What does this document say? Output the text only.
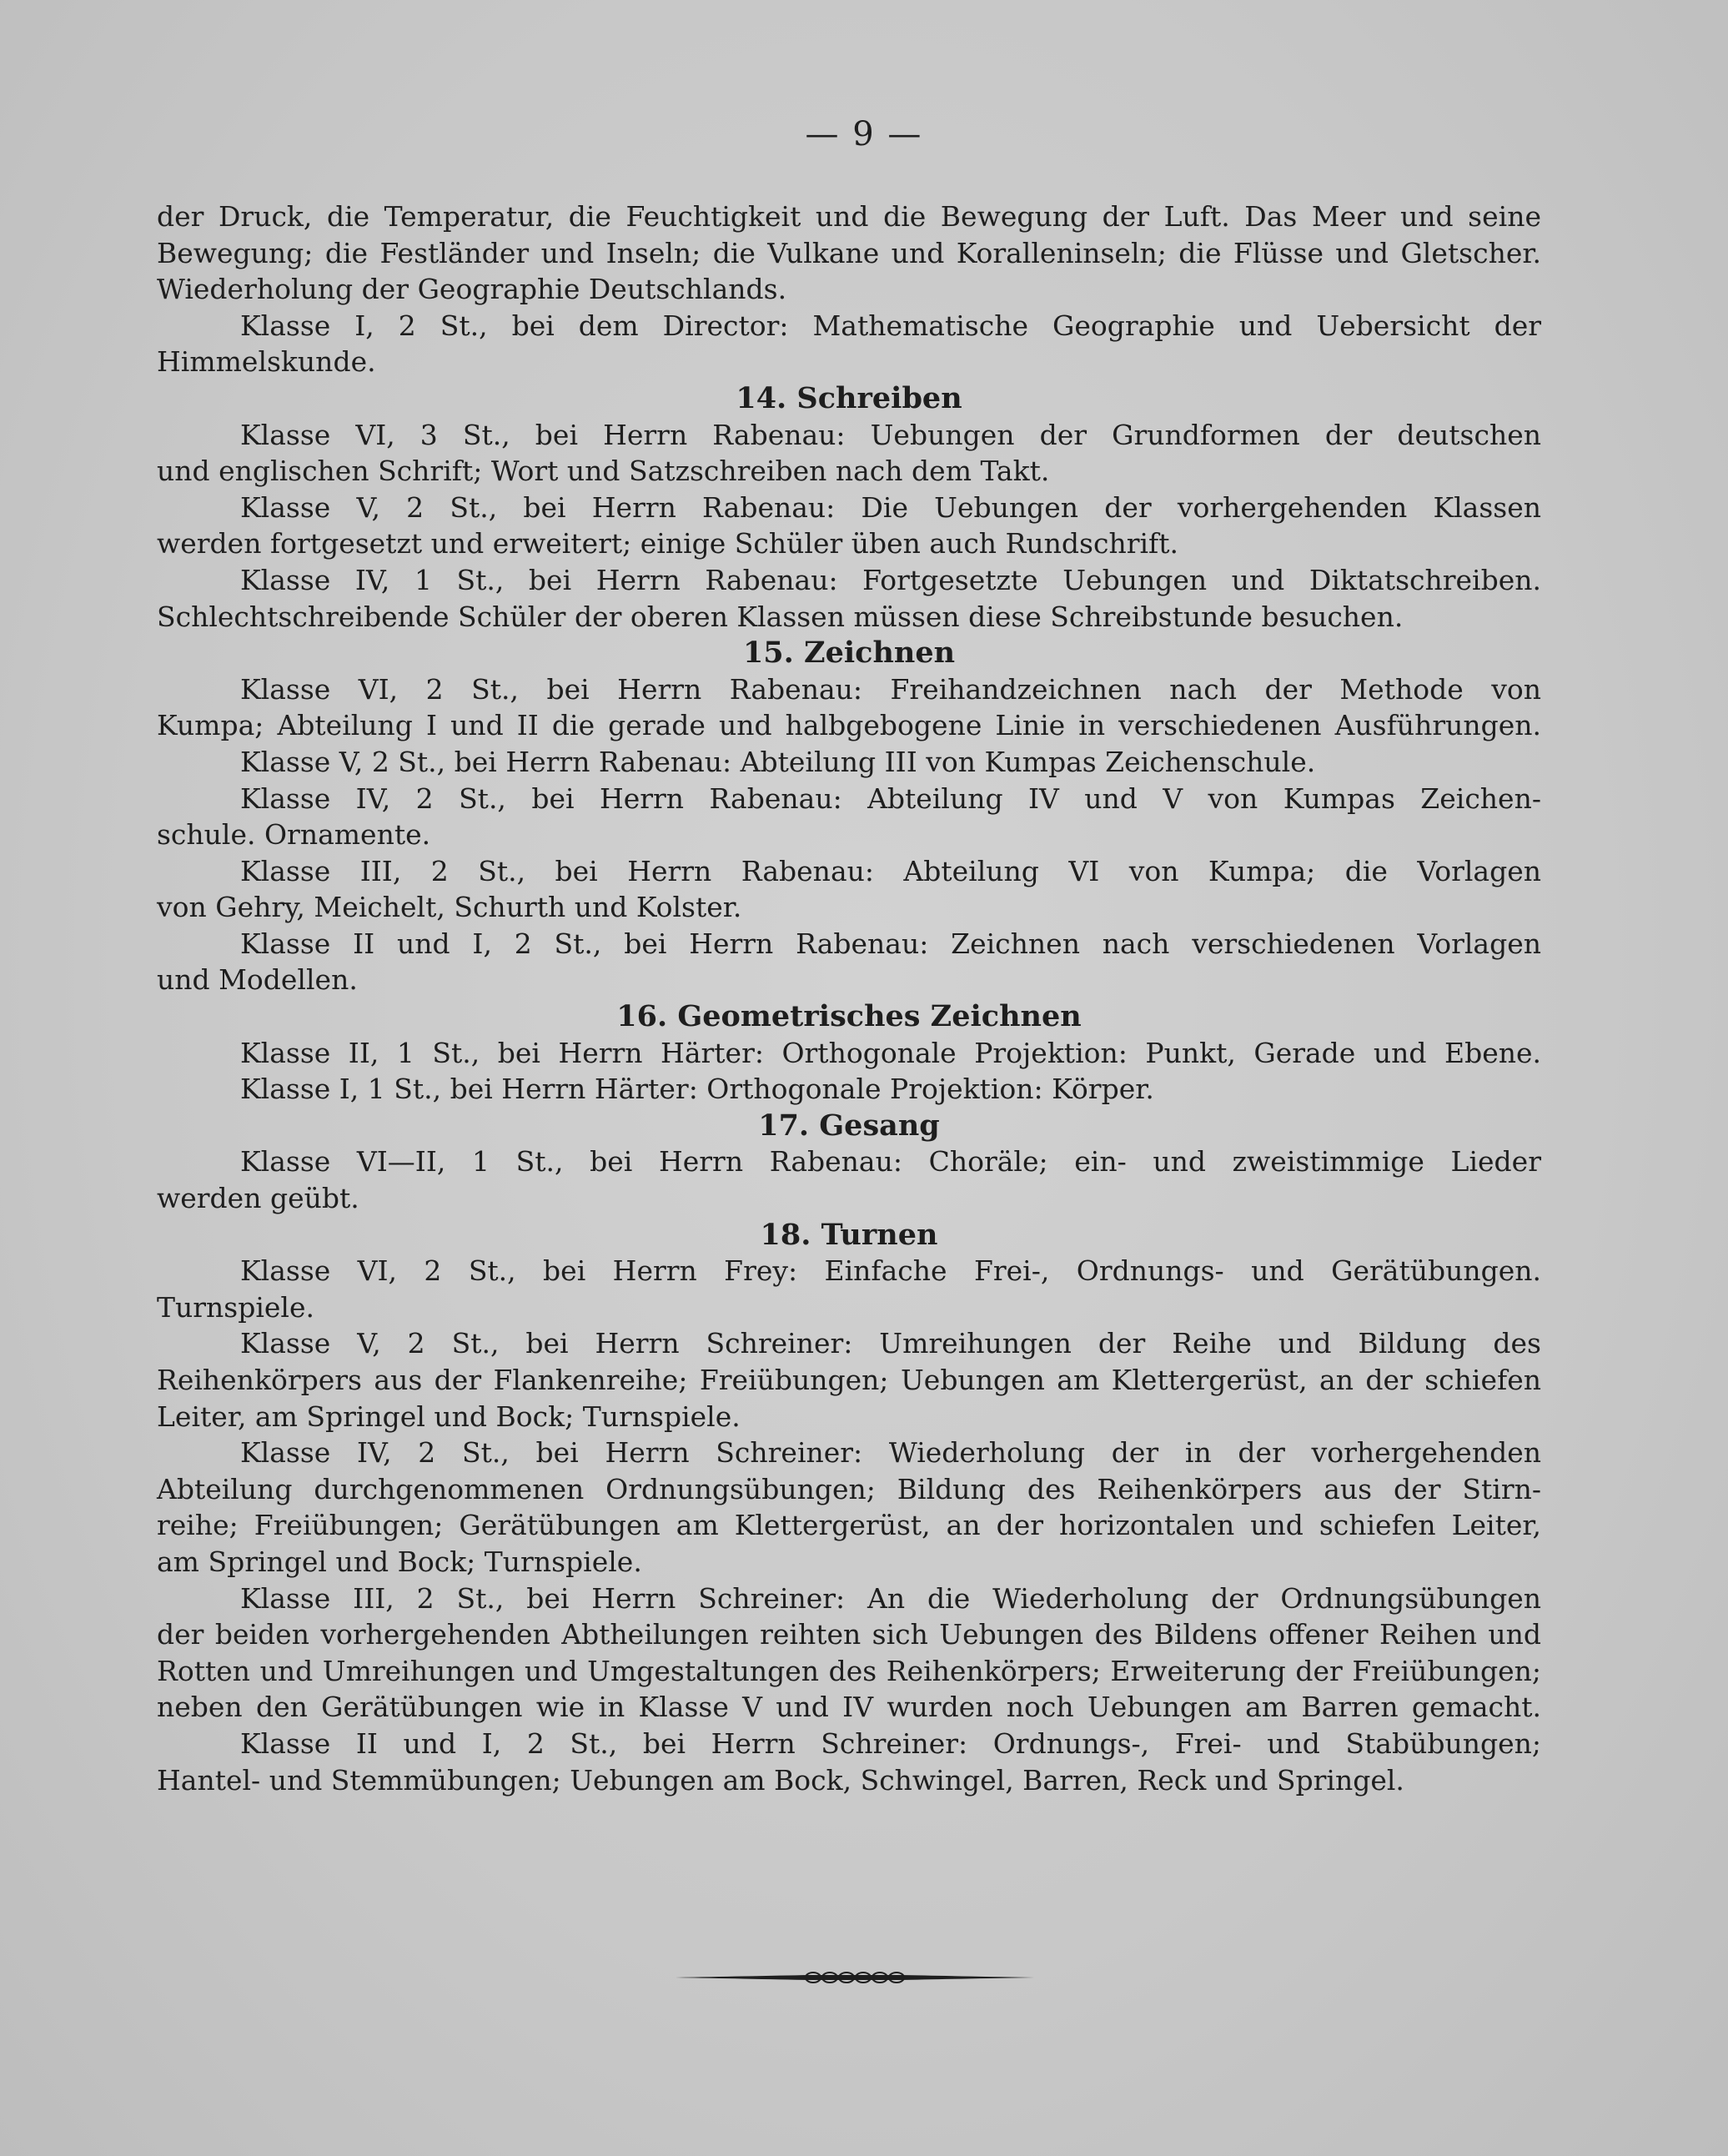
— 9 —
der Druck, die Temperatur, die Feuchtigkeit und die Bewegung der Luft. Das Meer und seine
Bewegung; die Festländer und Inseln; die Vulkane und Koralleninseln; die Flüsse und Gletscher.
Wiederholung der Geographie Deutschlands.
Klasse I, 2 St., bei dem Director: Mathematische Geographie und Uebersicht der
Himmelskunde.
14. Schreiben
Klasse VI, 3 St., bei Herrn Rabenau: Uebungen der Grundformen der deutschen
und englischen Schrift; Wort und Satzschreiben nach dem Takt.
Klasse V, 2 St., bei Herrn Rabenau: Die Uebungen der vorhergehenden Klassen
werden fortgesetzt und erweitert; einige Schüler üben auch Rundschrift.
Klasse IV, 1 St., bei Herrn Rabenau: Fortgesetzte Uebungen und Diktatschreiben.
Schlechtschreibende Schüler der oberen Klassen müssen diese Schreibstunde besuchen.
15. Zeichnen
Klasse VI, 2 St., bei Herrn Rabenau: Freihandzeichnen nach der Methode von
Kumpa; Abteilung I und II die gerade und halbgebogene Linie in verschiedenen Ausführungen.
Klasse V, 2 St., bei Herrn Rabenau: Abteilung III von Kumpas Zeichenschule.
Klasse IV, 2 St., bei Herrn Rabenau: Abteilung IV und V von Kumpas Zeichen-
schule. Ornamente.
Klasse III, 2 St., bei Herrn Rabenau: Abteilung VI von Kumpa; die Vorlagen
von Gehry, Meichelt, Schurth und Kolster.
Klasse II und I, 2 St., bei Herrn Rabenau: Zeichnen nach verschiedenen Vorlagen
und Modellen.
16. Geometrisches Zeichnen
Klasse II, 1 St., bei Herrn Härter: Orthogonale Projektion: Punkt, Gerade und Ebene.
Klasse I, 1 St., bei Herrn Härter: Orthogonale Projektion: Körper.
17. Gesang
Klasse VI—II, 1 St., bei Herrn Rabenau: Choräle; ein- und zweistimmige Lieder
werden geübt.
18. Turnen
Klasse VI, 2 St., bei Herrn Frey: Einfache Frei-, Ordnungs- und Gerätübungen.
Turnspiele.
Klasse V, 2 St., bei Herrn Schreiner: Umreihungen der Reihe und Bildung des
Reihenkörpers aus der Flankenreihe; Freiübungen; Uebungen am Klettergerüst, an der schiefen
Leiter, am Springel und Bock; Turnspiele.
Klasse IV, 2 St., bei Herrn Schreiner: Wiederholung der in der vorhergehenden
Abteilung durchgenommenen Ordnungsübungen; Bildung des Reihenkörpers aus der Stirn-
reihe; Freiübungen; Gerätübungen am Klettergerüst, an der horizontalen und schiefen Leiter,
am Springel und Bock; Turnspiele.
Klasse III, 2 St., bei Herrn Schreiner: An die Wiederholung der Ordnungsübungen
der beiden vorhergehenden Abtheilungen reihten sich Uebungen des Bildens offener Reihen und
Rotten und Umreihungen und Umgestaltungen des Reihenkörpers; Erweiterung der Freiübungen;
neben den Gerätübungen wie in Klasse V und IV wurden noch Uebungen am Barren gemacht.
Klasse II und I, 2 St., bei Herrn Schreiner: Ordnungs-, Frei- und Stabübungen;
Hantel- und Stemmübungen; Uebungen am Bock, Schwingel, Barren, Reck und Springel.
